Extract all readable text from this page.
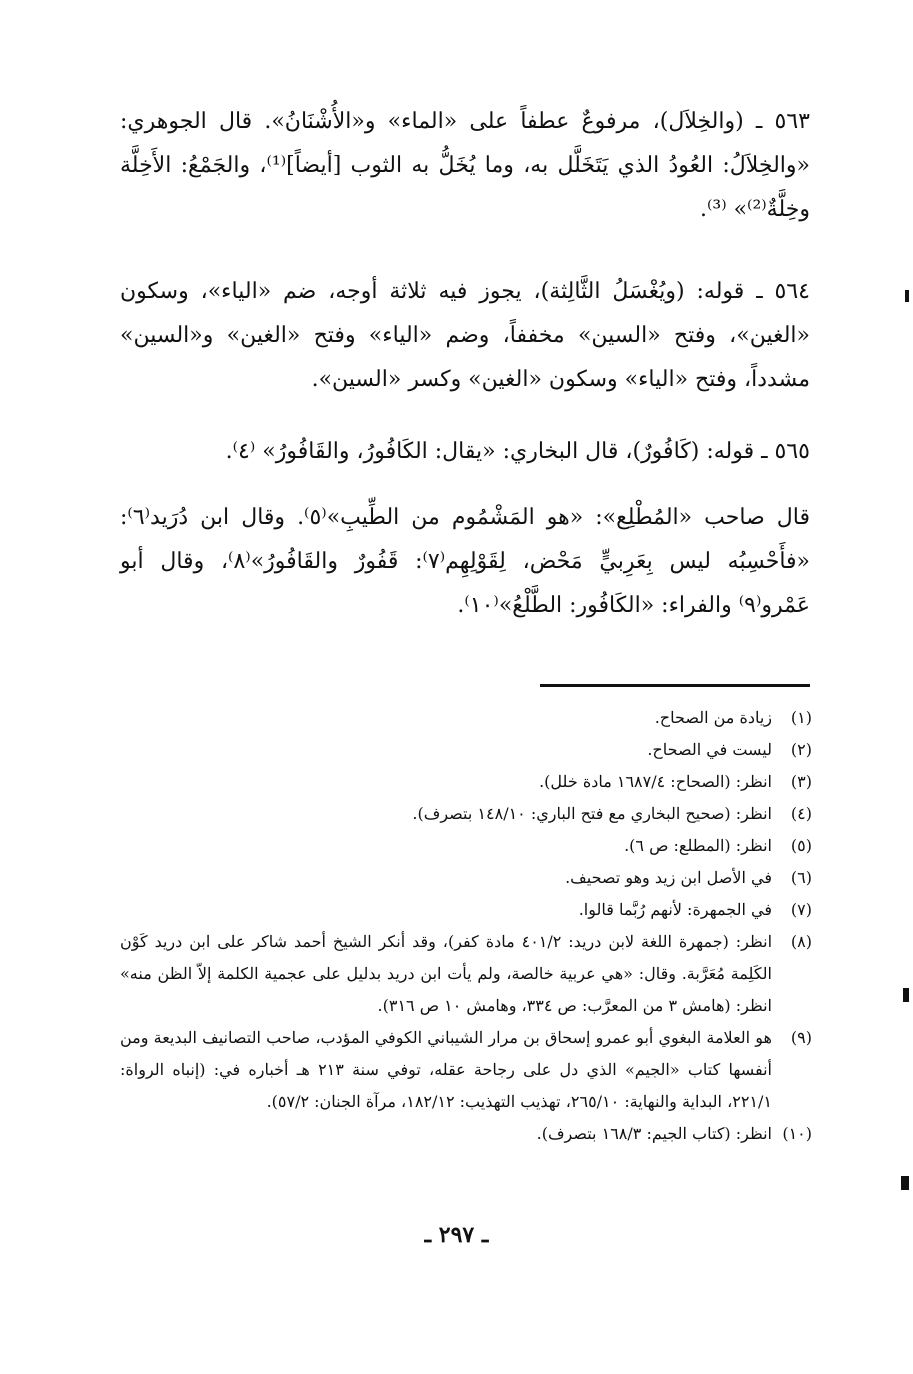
٥٦٣ ـ (والخِلاَل)، مرفوعٌ عطفاً على «الماء» و«الأُشْنَانُ». قال الجوهري: «والخِلاَلُ: العُودُ الذي يَتَخَلَّل به، وما يُخَلُّ به الثوب [أيضاً]⁽¹⁾، والجَمْعُ: الأَخِلَّة وخِلَّةٌ⁽²⁾» ⁽³⁾.

٥٦٤ ـ قوله: (ويُغْسَلُ الثَّالِثة)، يجوز فيه ثلاثة أوجه، ضم «الياء»، وسكون «الغين»، وفتح «السين» مخففاً، وضم «الياء» وفتح «الغين» و«السين» مشدداً، وفتح «الياء» وسكون «الغين» وكسر «السين».

٥٦٥ ـ قوله: (كَافُورٌ)، قال البخاري: «يقال: الكَافُورُ، والقَافُورُ» ⁽٤⁾.

قال صاحب «المُطْلِع»: «هو المَشْمُوم من الطِّيبِ»⁽٥⁾. وقال ابن دُرَيد⁽٦⁾: «فأَحْسِبُه ليس بِعَرِبيٍّ مَحْض، لِقَوْلِهِم⁽٧⁾: قَفُورٌ والقَافُورُ»⁽٨⁾، وقال أبو عَمْرو⁽٩⁾ والفراء: «الكَافُور: الطَّلْعُ»⁽١٠⁾.

(١)
زيادة من الصحاح.
(٢)
ليست في الصحاح.
(٣)
انظر: (الصحاح: ١٦٨٧/٤ مادة خلل).
(٤)
انظر: (صحيح البخاري مع فتح الباري: ١٤٨/١٠ بتصرف).
(٥)
انظر: (المطلع: ص ٦).
(٦)
في الأصل ابن زيد وهو تصحيف.
(٧)
في الجمهرة: لأنهم رُبَّما قالوا.
(٨)
انظر: (جمهرة اللغة لابن دريد: ٤٠١/٢ مادة كفر)، وقد أنكر الشيخ أحمد شاكر على ابن دريد كَوْن الكَلِمة مُعَرَّبة. وقال: «هي عربية خالصة، ولم يأت ابن دريد بدليل على عجمية الكلمة إلاّ الظن منه» انظر: (هامش ٣ من المعرَّب: ص ٣٣٤، وهامش ١٠ ص ٣١٦).
(٩)
هو العلامة البغوي أبو عمرو إسحاق بن مرار الشيباني الكوفي المؤدب، صاحب التصانيف البديعة ومن أنفسها كتاب «الجيم» الذي دل على رجاحة عقله، توفي سنة ٢١٣ هـ أخباره في: (إنباه الرواة: ٢٢١/١، البداية والنهاية: ٢٦٥/١٠، تهذيب التهذيب: ١٨٢/١٢، مرآة الجنان: ٥٧/٢).
(١٠)
انظر: (كتاب الجيم: ١٦٨/٣ بتصرف).
ـ ٢٩٧ ـ
